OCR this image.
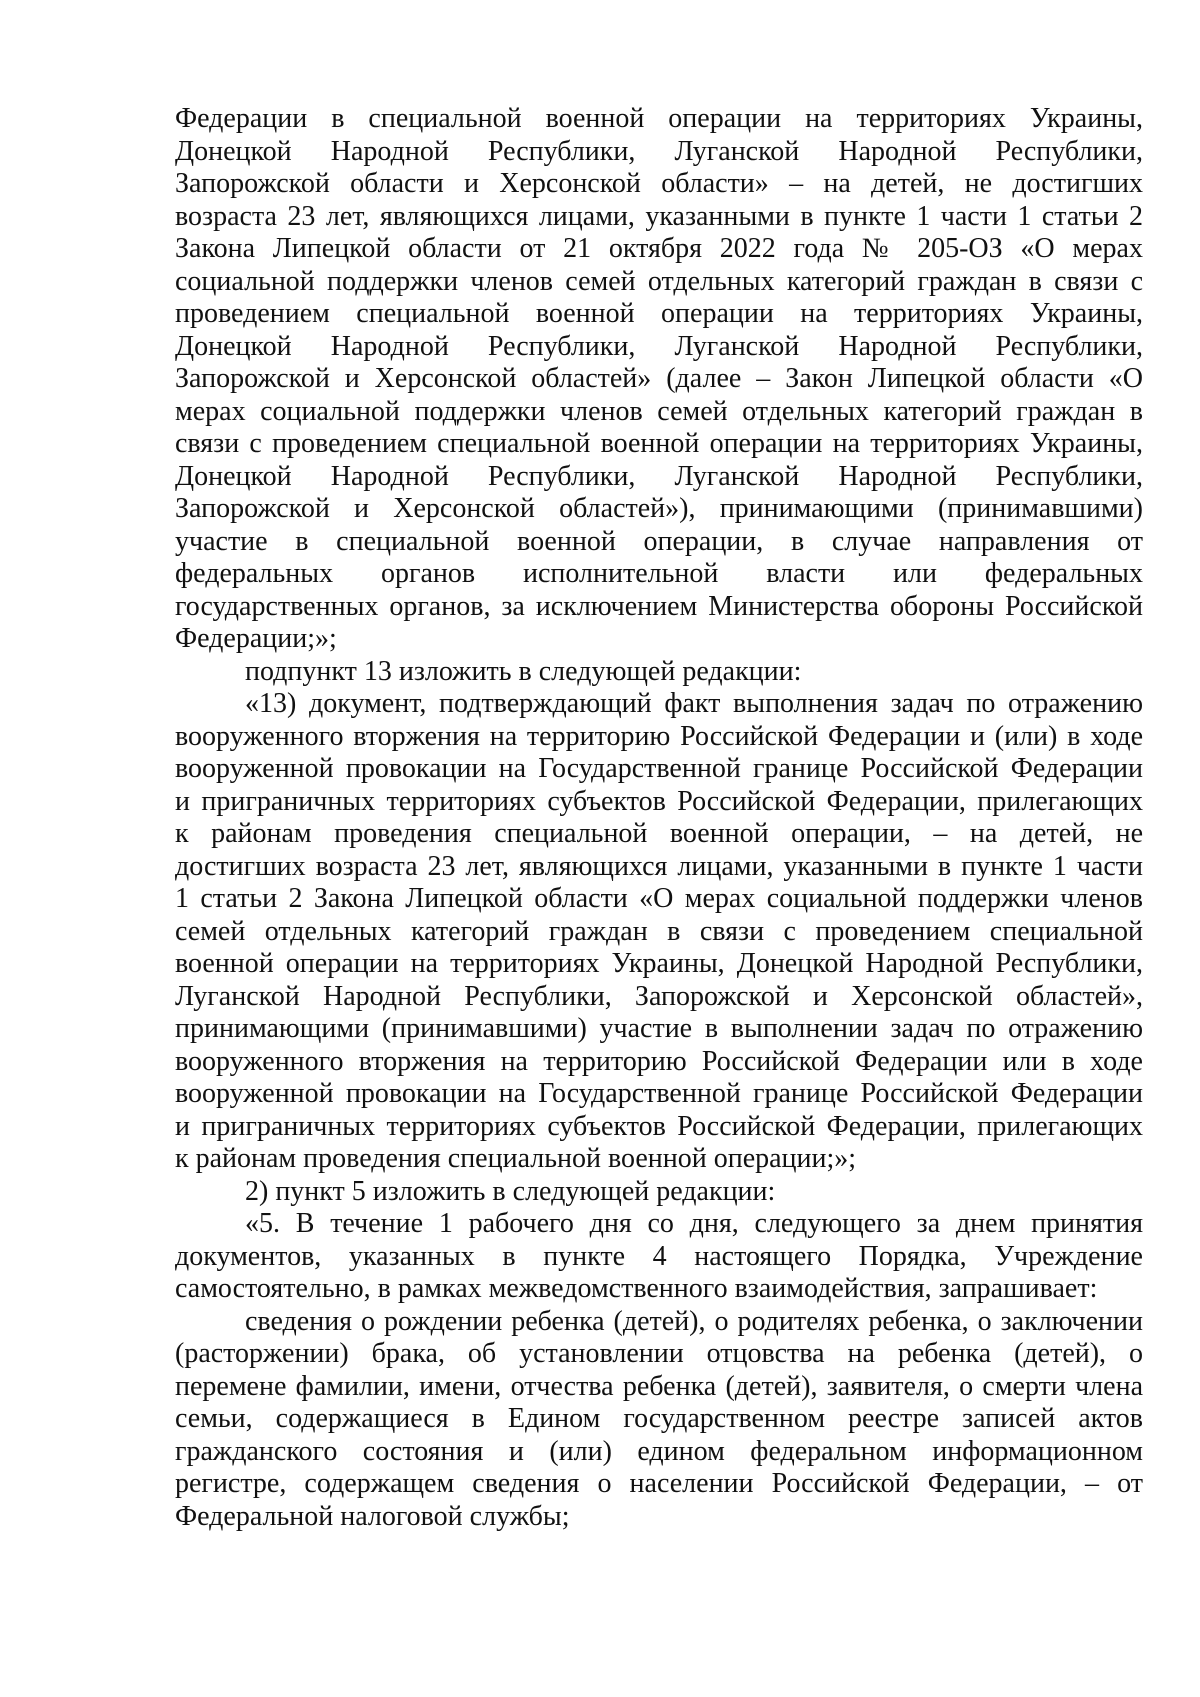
Федерации в специальной военной операции на территориях Украины,
Донецкой Народной Республики, Луганской Народной Республики,
Запорожской области и Херсонской области» – на детей, не достигших
возраста 23 лет, являющихся лицами, указанными в пункте 1 части 1 статьи 2
Закона Липецкой области от 21 октября 2022 года № 205-ОЗ «О мерах
социальной поддержки членов семей отдельных категорий граждан в связи с
проведением специальной военной операции на территориях Украины,
Донецкой Народной Республики, Луганской Народной Республики,
Запорожской и Херсонской областей» (далее – Закон Липецкой области «О
мерах социальной поддержки членов семей отдельных категорий граждан в
связи с проведением специальной военной операции на территориях Украины,
Донецкой Народной Республики, Луганской Народной Республики,
Запорожской и Херсонской областей»), принимающими (принимавшими)
участие в специальной военной операции, в случае направления от
федеральных органов исполнительной власти или федеральных
государственных органов, за исключением Министерства обороны Российской
Федерации;»;
подпункт 13 изложить в следующей редакции:
«13) документ, подтверждающий факт выполнения задач по отражению
вооруженного вторжения на территорию Российской Федерации и (или) в ходе
вооруженной провокации на Государственной границе Российской Федерации
и приграничных территориях субъектов Российской Федерации, прилегающих
к районам проведения специальной военной операции, – на детей, не
достигших возраста 23 лет, являющихся лицами, указанными в пункте 1 части
1 статьи 2 Закона Липецкой области «О мерах социальной поддержки членов
семей отдельных категорий граждан в связи с проведением специальной
военной операции на территориях Украины, Донецкой Народной Республики,
Луганской Народной Республики, Запорожской и Херсонской областей»,
принимающими (принимавшими) участие в выполнении задач по отражению
вооруженного вторжения на территорию Российской Федерации или в ходе
вооруженной провокации на Государственной границе Российской Федерации
и приграничных территориях субъектов Российской Федерации, прилегающих
к районам проведения специальной военной операции;»;
2) пункт 5 изложить в следующей редакции:
«5. В течение 1 рабочего дня со дня, следующего за днем принятия
документов, указанных в пункте 4 настоящего Порядка, Учреждение
самостоятельно, в рамках межведомственного взаимодействия, запрашивает:
сведения о рождении ребенка (детей), о родителях ребенка, о заключении
(расторжении) брака, об установлении отцовства на ребенка (детей), о
перемене фамилии, имени, отчества ребенка (детей), заявителя, о смерти члена
семьи, содержащиеся в Едином государственном реестре записей актов
гражданского состояния и (или) едином федеральном информационном
регистре, содержащем сведения о населении Российской Федерации, – от
Федеральной налоговой службы;
